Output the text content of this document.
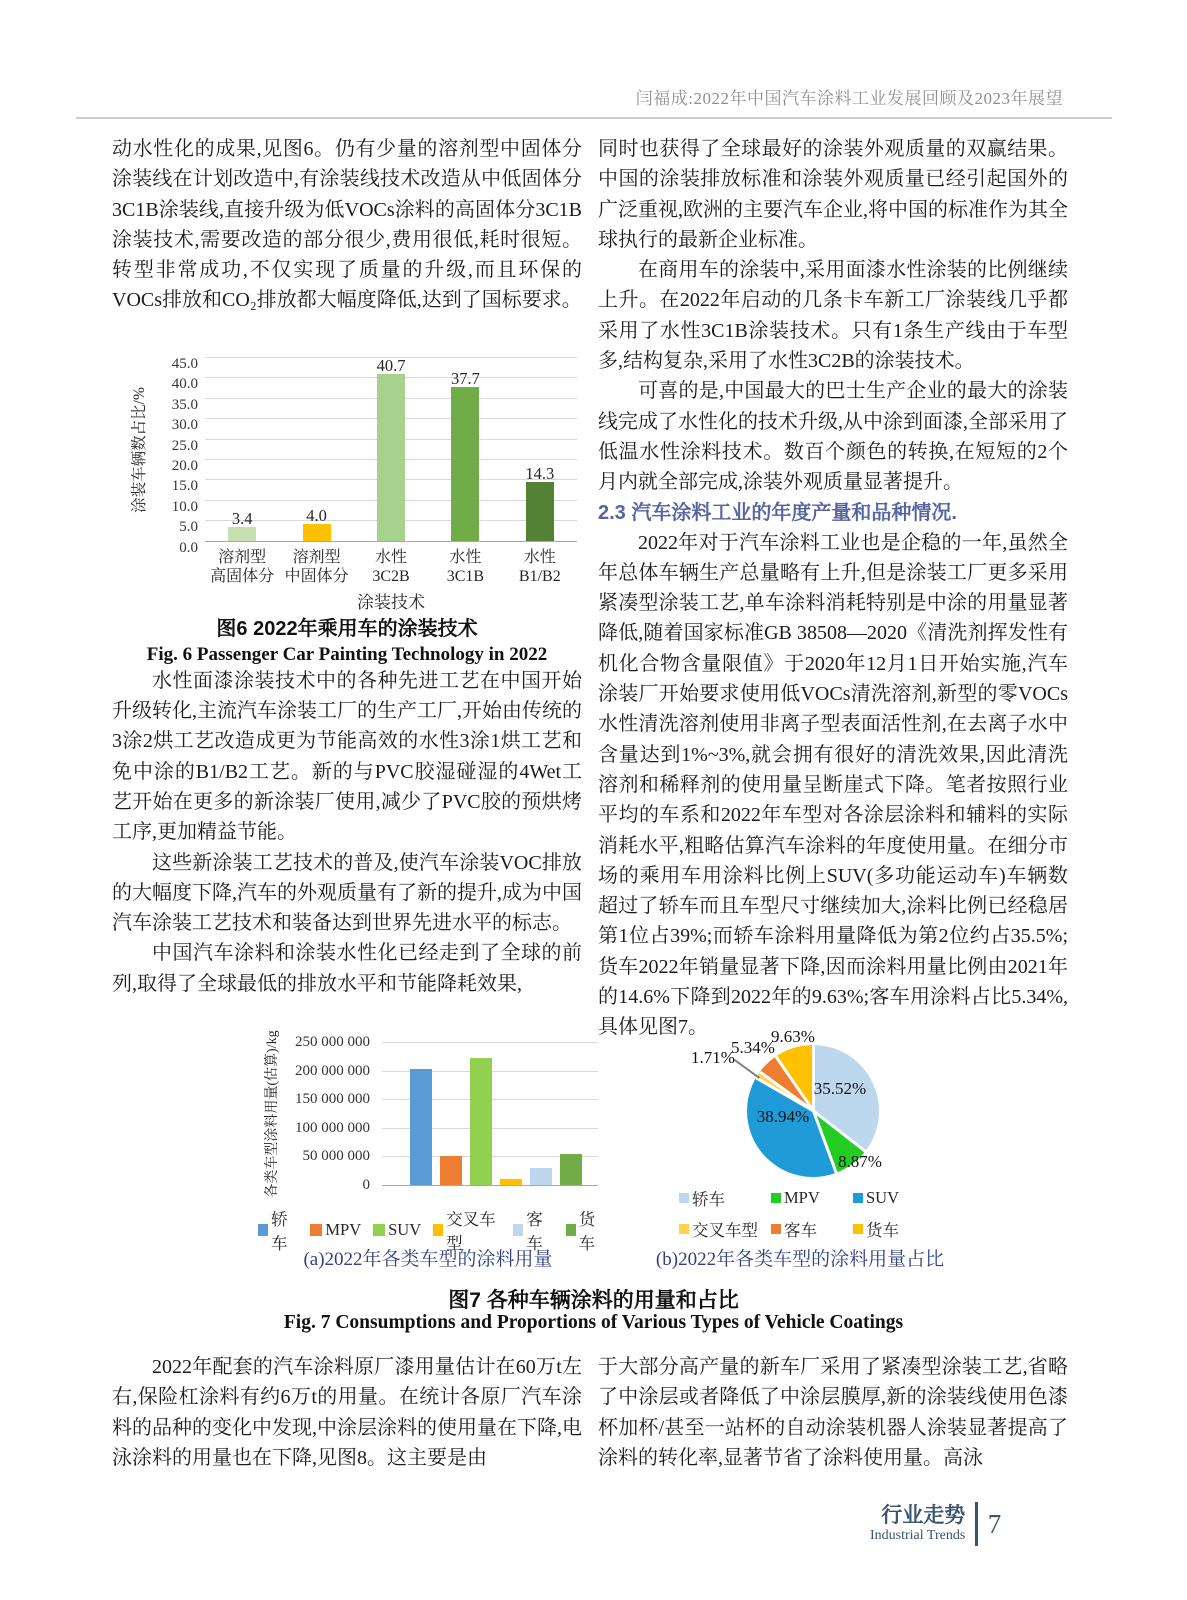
闫福成:2022年中国汽车涂料工业发展回顾及2023年展望

动水性化的成果,见图6。仍有少量的溶剂型中固体分涂装线在计划改造中,有涂装线技术改造从中低固体分3C1B涂装线,直接升级为低VOCs涂料的高固体分3C1B涂装技术,需要改造的部分很少,费用很低,耗时很短。转型非常成功,不仅实现了质量的升级,而且环保的VOCs排放和CO₂排放都大幅度降低,达到了国标要求。

涂装车辆数占比/%
45.0
40.0
35.0
30.0
25.0
20.0
15.0
10.0
5.0
0.0
3.4	4.0
40.7
37.7
14.3
溶剂型
高固体分
溶剂型
中固体分
水性
3C2B
水性
3C1B
水性
B1/B2
涂装技术
图6 2022年乘用车的涂装技术
Fig. 6 Passenger Car Painting Technology in 2022

水性面漆涂装技术中的各种先进工艺在中国开始升级转化,主流汽车涂装工厂的生产工厂,开始由传统的3涂2烘工艺改造成更为节能高效的水性3涂1烘工艺和免中涂的B1/B2工艺。新的与PVC胶湿碰湿的4Wet工艺开始在更多的新涂装厂使用,减少了PVC胶的预烘烤工序,更加精益节能。

这些新涂装工艺技术的普及,使汽车涂装VOC排放的大幅度下降,汽车的外观质量有了新的提升,成为中国汽车涂装工艺技术和装备达到世界先进水平的标志。

中国汽车涂料和涂装水性化已经走到了全球的前列,取得了全球最低的排放水平和节能降耗效果,

同时也获得了全球最好的涂装外观质量的双赢结果。中国的涂装排放标准和涂装外观质量已经引起国外的广泛重视,欧洲的主要汽车企业,将中国的标准作为其全球执行的最新企业标准。

在商用车的涂装中,采用面漆水性涂装的比例继续上升。在2022年启动的几条卡车新工厂涂装线几乎都采用了水性3C1B涂装技术。只有1条生产线由于车型多,结构复杂,采用了水性3C2B的涂装技术。

可喜的是,中国最大的巴士生产企业的最大的涂装线完成了水性化的技术升级,从中涂到面漆,全部采用了低温水性涂料技术。数百个颜色的转换,在短短的2个月内就全部完成,涂装外观质量显著提升。

2.3 汽车涂料工业的年度产量和品种情况.

2022年对于汽车涂料工业也是企稳的一年,虽然全年总体车辆生产总量略有上升,但是涂装工厂更多采用紧凑型涂装工艺,单车涂料消耗特别是中涂的用量显著降低,随着国家标准GB 38508—2020《清洗剂挥发性有机化合物含量限值》于2020年12月1日开始实施,汽车涂装厂开始要求使用低VOCs清洗溶剂,新型的零VOCs水性清洗溶剂使用非离子型表面活性剂,在去离子水中含量达到1%~3%,就会拥有很好的清洗效果,因此清洗溶剂和稀释剂的使用量呈断崖式下降。笔者按照行业平均的车系和2022年车型对各涂层涂料和辅料的实际消耗水平,粗略估算汽车涂料的年度使用量。在细分市场的乘用车用涂料比例上SUV(多功能运动车)车辆数超过了轿车而且车型尺寸继续加大,涂料比例已经稳居第1位占39%;而轿车涂料用量降低为第2位约占35.5%;货车2022年销量显著下降,因而涂料用量比例由2021年的14.6%下降到2022年的9.63%;客车用涂料占比5.34%,具体见图7。

各类车型涂料用量(估算)/kg	250 000 000
200 000 000
150 000 000
100 000 000
50 000 000
0
轿车
MPV SUV
交叉车型
客车
货车
(a)2022年各类车型的涂料用量
35.52%
8.87%
38.94%
1.71%
5.34%
9.63%
轿车	MPV	SUV
交叉车型 客车	货车
(b)2022年各类车型的涂料用量占比
图7 各种车辆涂料的用量和占比
Fig. 7 Consumptions and Proportions of Various Types of Vehicle Coatings

2022年配套的汽车涂料原厂漆用量估计在60万t左右,保险杠涂料有约6万t的用量。在统计各原厂汽车涂料的品种的变化中发现,中涂层涂料的使用量在下降,电泳涂料的用量也在下降,见图8。这主要是由

于大部分高产量的新车厂采用了紧凑型涂装工艺,省略了中涂层或者降低了中涂层膜厚,新的涂装线使用色漆杯加杯/甚至一站杯的自动涂装机器人涂装显著提高了涂料的转化率,显著节省了涂料使用量。高泳

行业走势
Industrial Trends 7
